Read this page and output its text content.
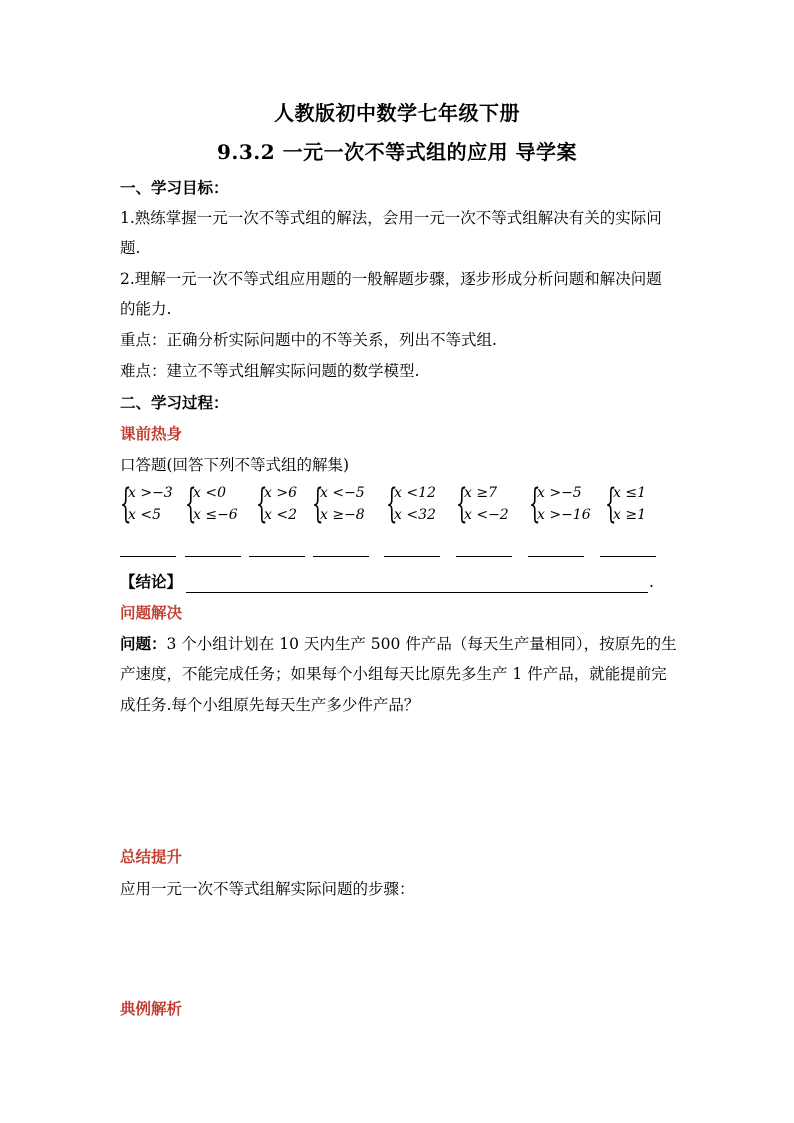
人教版初中数学七年级下册
9.3.2 一元一次不等式组的应用 导学案
一、学习目标：
1.熟练掌握一元一次不等式组的解法，会用一元一次不等式组解决有关的实际问
题.
2.理解一元一次不等式组应用题的一般解题步骤，逐步形成分析问题和解决问题
的能力.
重点：正确分析实际问题中的不等关系，列出不等式组.
难点：建立不等式组解实际问题的数学模型.
二、学习过程：
课前热身
口答题(回答下列不等式组的解集)
{
x >−3
x <5 {
x <0
x ≤−6 {
x >6
x <2 {
x <−5
x ≥−8 {
x <12
x <32 {
x ≥7
x <−2 {
x >−5
x >−16 {
x ≤1
x ≥1
【结论】	.
问题解决
问题：3 个小组计划在 10 天内生产 500 件产品（每天生产量相同），按原先的生
产速度，不能完成任务；如果每个小组每天比原先多生产 1 件产品，就能提前完
成任务.每个小组原先每天生产多少件产品？
总结提升
应用一元一次不等式组解实际问题的步骤：
典例解析
